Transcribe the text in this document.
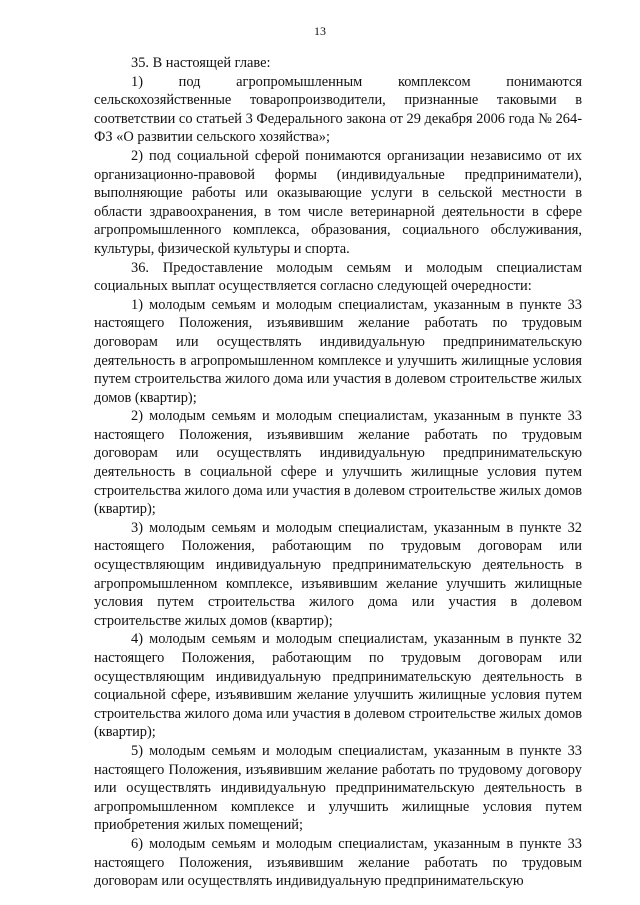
13

35. В настоящей главе:

1) под агропромышленным комплексом понимаются сельскохозяйственные товаропроизводители, признанные таковыми в соответствии со статьей 3 Федерального закона от 29 декабря 2006 года № 264-ФЗ «О развитии сельского хозяйства»;

2) под социальной сферой понимаются организации независимо от их организационно-правовой формы (индивидуальные предприниматели), выполняющие работы или оказывающие услуги в сельской местности в области здравоохранения, в том числе ветеринарной деятельности в сфере агропромышленного комплекса, образования, социального обслуживания, культуры, физической культуры и спорта.

36. Предоставление молодым семьям и молодым специалистам социальных выплат осуществляется согласно следующей очередности:

1) молодым семьям и молодым специалистам, указанным в пункте 33 настоящего Положения, изъявившим желание работать по трудовым договорам или осуществлять индивидуальную предпринимательскую деятельность в агропромышленном комплексе и улучшить жилищные условия путем строительства жилого дома или участия в долевом строительстве жилых домов (квартир);

2) молодым семьям и молодым специалистам, указанным в пункте 33 настоящего Положения, изъявившим желание работать по трудовым договорам или осуществлять индивидуальную предпринимательскую деятельность в социальной сфере и улучшить жилищные условия путем строительства жилого дома или участия в долевом строительстве жилых домов (квартир);

3) молодым семьям и молодым специалистам, указанным в пункте 32 настоящего Положения, работающим по трудовым договорам или осуществляющим индивидуальную предпринимательскую деятельность в агропромышленном комплексе, изъявившим желание улучшить жилищные условия путем строительства жилого дома или участия в долевом строительстве жилых домов (квартир);

4) молодым семьям и молодым специалистам, указанным в пункте 32 настоящего Положения, работающим по трудовым договорам или осуществляющим индивидуальную предпринимательскую деятельность в социальной сфере, изъявившим желание улучшить жилищные условия путем строительства жилого дома или участия в долевом строительстве жилых домов (квартир);

5) молодым семьям и молодым специалистам, указанным в пункте 33 настоящего Положения, изъявившим желание работать по трудовому договору или осуществлять индивидуальную предпринимательскую деятельность в агропромышленном комплексе и улучшить жилищные условия путем приобретения жилых помещений;

6) молодым семьям и молодым специалистам, указанным в пункте 33 настоящего Положения, изъявившим желание работать по трудовым договорам или осуществлять индивидуальную предпринимательскую
